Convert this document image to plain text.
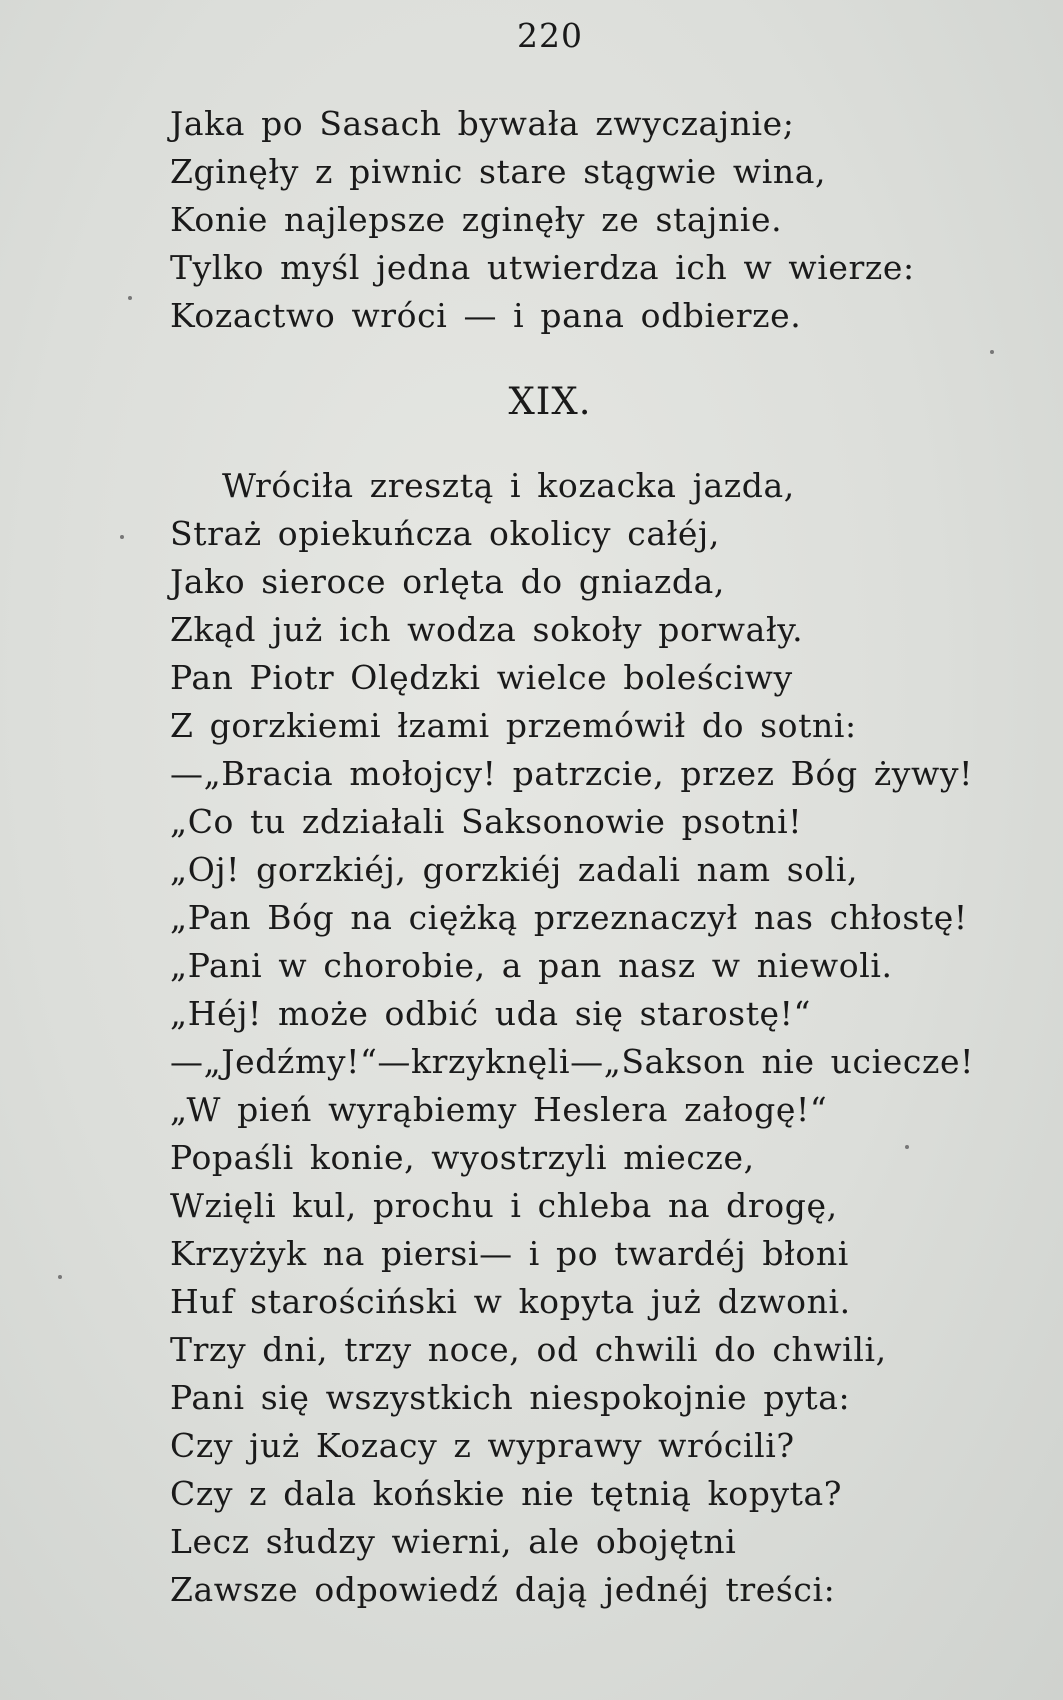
220
Jaka po Sasach bywała zwyczajnie;
Zginęły z piwnic stare stągwie wina,
Konie najlepsze zginęły ze stajnie.
Tylko myśl jedna utwierdza ich w wierze:
Kozactwo wróci — i pana odbierze.
XIX.
Wróciła zresztą i kozacka jazda,
Straż opiekuńcza okolicy całéj,
Jako sieroce orlęta do gniazda,
Zkąd już ich wodza sokoły porwały.
Pan Piotr Olędzki wielce boleściwy
Z gorzkiemi łzami przemówił do sotni:
—„Bracia mołojcy! patrzcie, przez Bóg żywy!
„Co tu zdziałali Saksonowie psotni!
„Oj! gorzkiéj, gorzkiéj zadali nam soli,
„Pan Bóg na ciężką przeznaczył nas chłostę!
„Pani w chorobie, a pan nasz w niewoli.
„Héj! może odbić uda się starostę!“
—„Jedźmy!“—krzyknęli—„Sakson nie ucieczе!
„W pień wyrąbiemy Heslera załogę!“
Popaśli konie, wyostrzyli miecze,
Wzięli kul, prochu i chleba na drogę,
Krzyżyk na piersi— i po twardéj błoni
Huf starościński w kopyta już dzwoni.
Trzy dni, trzy noce, od chwili do chwili,
Pani się wszystkich niespokojnie pyta:
Czy już Kozacy z wyprawy wrócili?
Czy z dala końskie nie tętnią kopyta?
Lecz słudzy wierni, ale obojętni
Zawsze odpowiedź dają jednéj treści:
